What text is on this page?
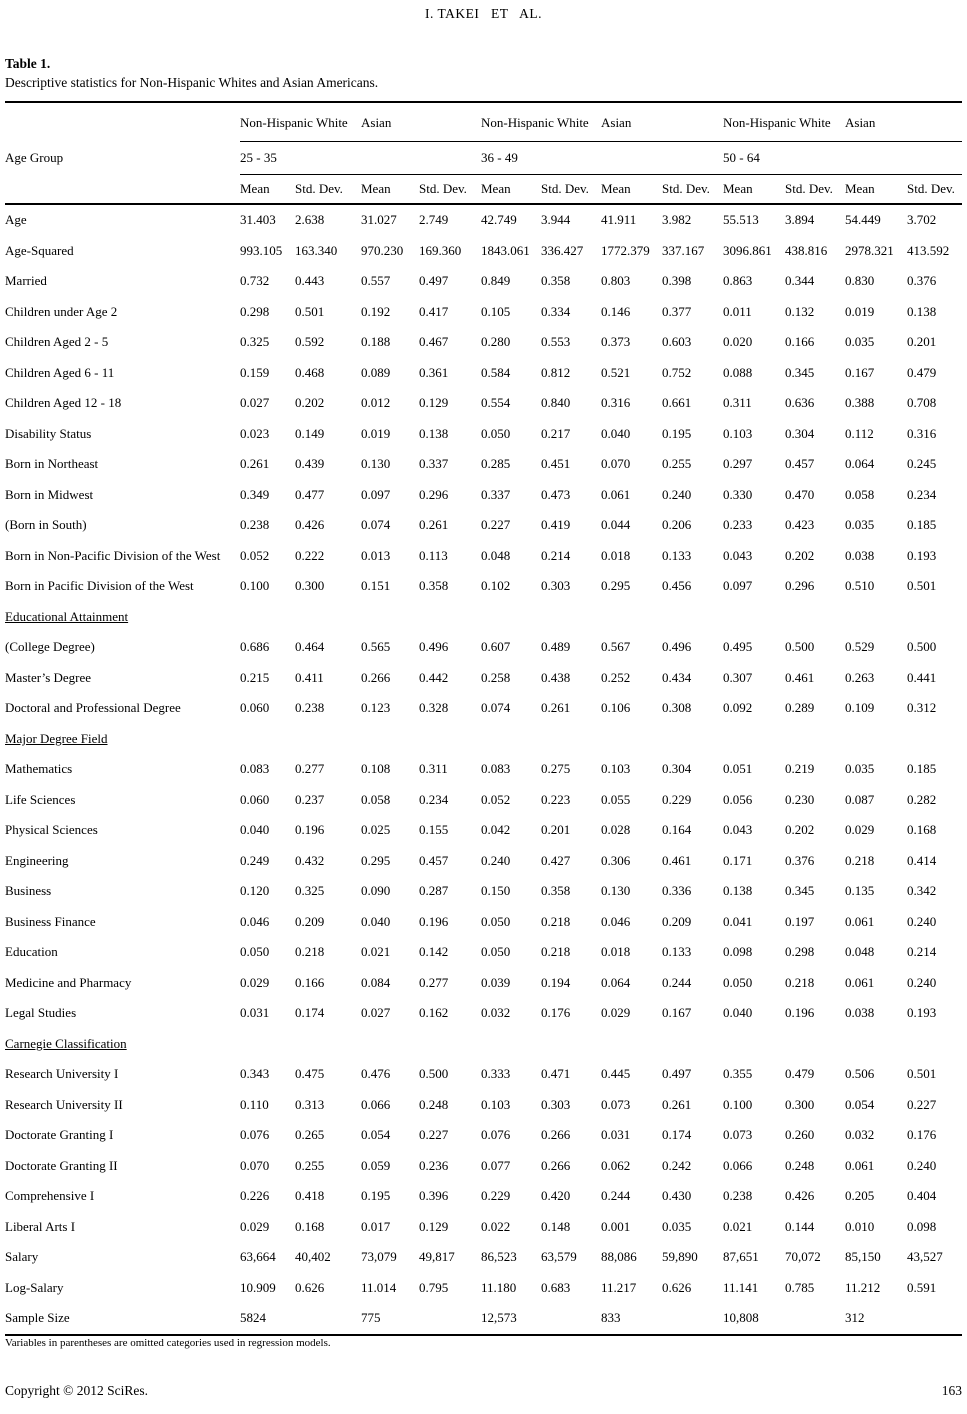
I. TAKEI   ET   AL.
Table 1.
Descriptive statistics for Non-Hispanic Whites and Asian Americans.
	Non-Hispanic White		Asian		Non-Hispanic White		Asian		Non-Hispanic White		Asian	
Age Group	25 - 35				36 - 49				50 - 64			
	Mean	Std. Dev.	Mean	Std. Dev.	Mean	Std. Dev.	Mean	Std. Dev.	Mean	Std. Dev.	Mean	Std. Dev.
Age	31.403	2.638	31.027	2.749	42.749	3.944	41.911	3.982	55.513	3.894	54.449	3.702
Age-Squared	993.105	163.340	970.230	169.360	1843.061	336.427	1772.379	337.167	3096.861	438.816	2978.321	413.592
Married	0.732	0.443	0.557	0.497	0.849	0.358	0.803	0.398	0.863	0.344	0.830	0.376
Children under Age 2	0.298	0.501	0.192	0.417	0.105	0.334	0.146	0.377	0.011	0.132	0.019	0.138
Children Aged 2 - 5	0.325	0.592	0.188	0.467	0.280	0.553	0.373	0.603	0.020	0.166	0.035	0.201
Children Aged 6 - 11	0.159	0.468	0.089	0.361	0.584	0.812	0.521	0.752	0.088	0.345	0.167	0.479
Children Aged 12 - 18	0.027	0.202	0.012	0.129	0.554	0.840	0.316	0.661	0.311	0.636	0.388	0.708
Disability Status	0.023	0.149	0.019	0.138	0.050	0.217	0.040	0.195	0.103	0.304	0.112	0.316
Born in Northeast	0.261	0.439	0.130	0.337	0.285	0.451	0.070	0.255	0.297	0.457	0.064	0.245
Born in Midwest	0.349	0.477	0.097	0.296	0.337	0.473	0.061	0.240	0.330	0.470	0.058	0.234
(Born in South)	0.238	0.426	0.074	0.261	0.227	0.419	0.044	0.206	0.233	0.423	0.035	0.185
Born in Non-Pacific Division of the West	0.052	0.222	0.013	0.113	0.048	0.214	0.018	0.133	0.043	0.202	0.038	0.193
Born in Pacific Division of the West	0.100	0.300	0.151	0.358	0.102	0.303	0.295	0.456	0.097	0.296	0.510	0.501
Educational Attainment												
(College Degree)	0.686	0.464	0.565	0.496	0.607	0.489	0.567	0.496	0.495	0.500	0.529	0.500
Master’s Degree	0.215	0.411	0.266	0.442	0.258	0.438	0.252	0.434	0.307	0.461	0.263	0.441
Doctoral and Professional Degree	0.060	0.238	0.123	0.328	0.074	0.261	0.106	0.308	0.092	0.289	0.109	0.312
Major Degree Field												
Mathematics	0.083	0.277	0.108	0.311	0.083	0.275	0.103	0.304	0.051	0.219	0.035	0.185
Life Sciences	0.060	0.237	0.058	0.234	0.052	0.223	0.055	0.229	0.056	0.230	0.087	0.282
Physical Sciences	0.040	0.196	0.025	0.155	0.042	0.201	0.028	0.164	0.043	0.202	0.029	0.168
Engineering	0.249	0.432	0.295	0.457	0.240	0.427	0.306	0.461	0.171	0.376	0.218	0.414
Business	0.120	0.325	0.090	0.287	0.150	0.358	0.130	0.336	0.138	0.345	0.135	0.342
Business Finance	0.046	0.209	0.040	0.196	0.050	0.218	0.046	0.209	0.041	0.197	0.061	0.240
Education	0.050	0.218	0.021	0.142	0.050	0.218	0.018	0.133	0.098	0.298	0.048	0.214
Medicine and Pharmacy	0.029	0.166	0.084	0.277	0.039	0.194	0.064	0.244	0.050	0.218	0.061	0.240
Legal Studies	0.031	0.174	0.027	0.162	0.032	0.176	0.029	0.167	0.040	0.196	0.038	0.193
Carnegie Classification												
Research University I	0.343	0.475	0.476	0.500	0.333	0.471	0.445	0.497	0.355	0.479	0.506	0.501
Research University II	0.110	0.313	0.066	0.248	0.103	0.303	0.073	0.261	0.100	0.300	0.054	0.227
Doctorate Granting I	0.076	0.265	0.054	0.227	0.076	0.266	0.031	0.174	0.073	0.260	0.032	0.176
Doctorate Granting II	0.070	0.255	0.059	0.236	0.077	0.266	0.062	0.242	0.066	0.248	0.061	0.240
Comprehensive I	0.226	0.418	0.195	0.396	0.229	0.420	0.244	0.430	0.238	0.426	0.205	0.404
Liberal Arts I	0.029	0.168	0.017	0.129	0.022	0.148	0.001	0.035	0.021	0.144	0.010	0.098
Salary	63,664	40,402	73,079	49,817	86,523	63,579	88,086	59,890	87,651	70,072	85,150	43,527
Log-Salary	10.909	0.626	11.014	0.795	11.180	0.683	11.217	0.626	11.141	0.785	11.212	0.591
Sample Size	5824		775		12,573		833		10,808		312	
Variables in parentheses are omitted categories used in regression models.
Copyright © 2012 SciRes.	163
